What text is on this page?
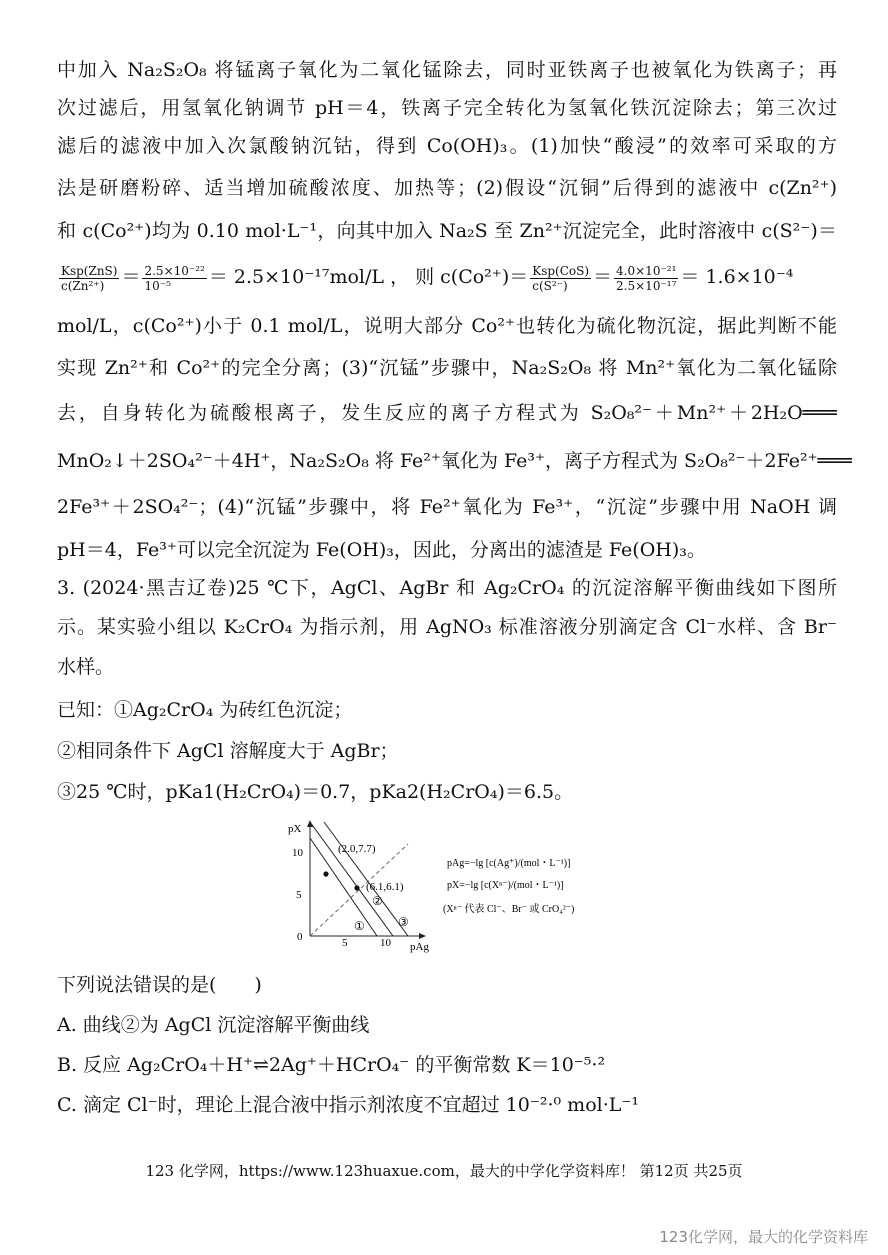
中加入 Na₂S₂O₈ 将锰离子氧化为二氧化锰除去，同时亚铁离子也被氧化为铁离子；再
次过滤后，用氢氧化钠调节 pH＝4，铁离子完全转化为氢氧化铁沉淀除去；第三次过
滤后的滤液中加入次氯酸钠沉钴，得到 Co(OH)₃。(1)加快“酸浸”的效率可采取的方
法是研磨粉碎、适当增加硫酸浓度、加热等；(2)假设“沉铜”后得到的滤液中 c(Zn²⁺)
和 c(Co²⁺)均为 0.10 mol·L⁻¹，向其中加入 Na₂S 至 Zn²⁺沉淀完全，此时溶液中 c(S²⁻)＝
$\frac{\text{Ksp(ZnS)}}{\text{c(Zn²⁺)}} = \frac{\text{2.5×10⁻²²}}{\text{10⁻⁵}} = 2.5\times 10^{-17}mol/L$ ， 则 $c(Co^{2+})= \frac{\text{Ksp(CoS)}}{\text{c(S²⁻)}} = \frac{\text{4.0×10⁻²¹}}{\text{2.5×10⁻¹⁷}} = 1.6\times 10^{-4}$
mol/L，c(Co²⁺)小于 0.1 mol/L，说明大部分 Co²⁺也转化为硫化物沉淀，据此判断不能
实现 Zn²⁺和 Co²⁺的完全分离；(3)“沉锰”步骤中，Na₂S₂O₈ 将 Mn²⁺氧化为二氧化锰除
去，自身转化为硫酸根离子，发生反应的离子方程式为 S₂O₈²⁻＋Mn²⁺＋2H₂O═══
MnO₂↓＋2SO₄²⁻＋4H⁺，Na₂S₂O₈ 将 Fe²⁺氧化为 Fe³⁺，离子方程式为 S₂O₈²⁻＋2Fe²⁺═══
2Fe³⁺＋2SO₄²⁻；(4)“沉锰”步骤中，将 Fe²⁺氧化为 Fe³⁺，“沉淀”步骤中用 NaOH 调
pH＝4，Fe³⁺可以完全沉淀为 Fe(OH)₃，因此，分离出的滤渣是 Fe(OH)₃。
3. (2024·黑吉辽卷)25 ℃下，AgCl、AgBr 和 Ag₂CrO₄ 的沉淀溶解平衡曲线如下图所
示。某实验小组以 K₂CrO₄ 为指示剂，用 AgNO₃ 标准溶液分别滴定含 Cl⁻水样、含 Br⁻
水样。
已知：①Ag₂CrO₄ 为砖红色沉淀；
②相同条件下 AgCl 溶解度大于 AgBr；
③25 ℃时，pKa1(H₂CrO₄)＝0.7，pKa2(H₂CrO₄)＝6.5。
pX
pAg
10
5
0	5	10
(2.0,7.7)
(6.1,6.1)
①
②
③
pAg=−lg [c(Ag⁺)/(mol・L⁻¹)]
pX=−lg [c(Xⁿ⁻)/(mol・L⁻¹)]
(Xⁿ⁻ 代表 Cl⁻、Br⁻ 或 CrO₄²⁻)
下列说法错误的是(　　)
A. 曲线②为 AgCl 沉淀溶解平衡曲线
B. 反应 Ag₂CrO₄＋H⁺⇌2Ag⁺＋HCrO₄⁻ 的平衡常数 K＝10⁻⁵·²
C. 滴定 Cl⁻时，理论上混合液中指示剂浓度不宜超过 10⁻²·⁰ mol·L⁻¹
123 化学网，https://www.123huaxue.com，最大的中学化学资料库！ 第12页 共25页
123化学网，最大的化学资料库
